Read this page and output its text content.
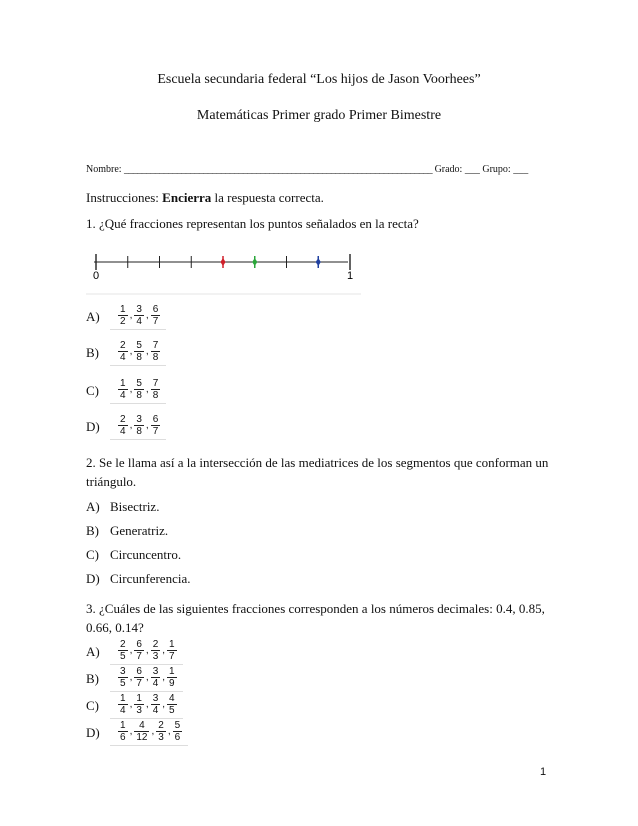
Escuela secundaria federal “Los hijos de Jason Voorhees”
Matemáticas Primer grado Primer Bimestre
Nombre: ______________________________________________________________________ Grado: ___ Grupo: ___
Instrucciones: Encierra la respuesta correcta.
1. ¿Qué fracciones representan los puntos señalados en la recta?
0	1
$A) \frac{1}{2}$ , $\frac{3}{4}$ , $\frac{6}{7}$
$B) \frac{2}{4}$ , $\frac{5}{8}$ , $\frac{7}{8}$
$C) \frac{1}{4}$ , $\frac{5}{8}$ , $\frac{7}{8}$
$D) \frac{2}{4}$ , $\frac{3}{8}$ , $\frac{6}{7}$
2. Se le llama así a la intersección de las mediatrices de los segmentos que conforman un
triángulo.
A) Bisectriz.
B) Generatriz.
C) Circuncentro.
D) Circunferencia.
3. ¿Cuáles de las siguientes fracciones corresponden a los números decimales: 0.4, 0.85,
0.66, 0.14?
$A) \frac{2}{5}$ , $\frac{6}{7}$ , $\frac{2}{3}$ , $\frac{1}{7}$
$B) \frac{3}{5}$ , $\frac{6}{7}$ , $\frac{3}{4}$ , $\frac{1}{9}$
$C) \frac{1}{4}$ , $\frac{1}{3}$ , $\frac{3}{4}$ , $\frac{4}{5}$
$D) \frac{1}{6}$ , $\frac{4}{12}$ , $\frac{2}{3}$ , $\frac{5}{6}$
1
